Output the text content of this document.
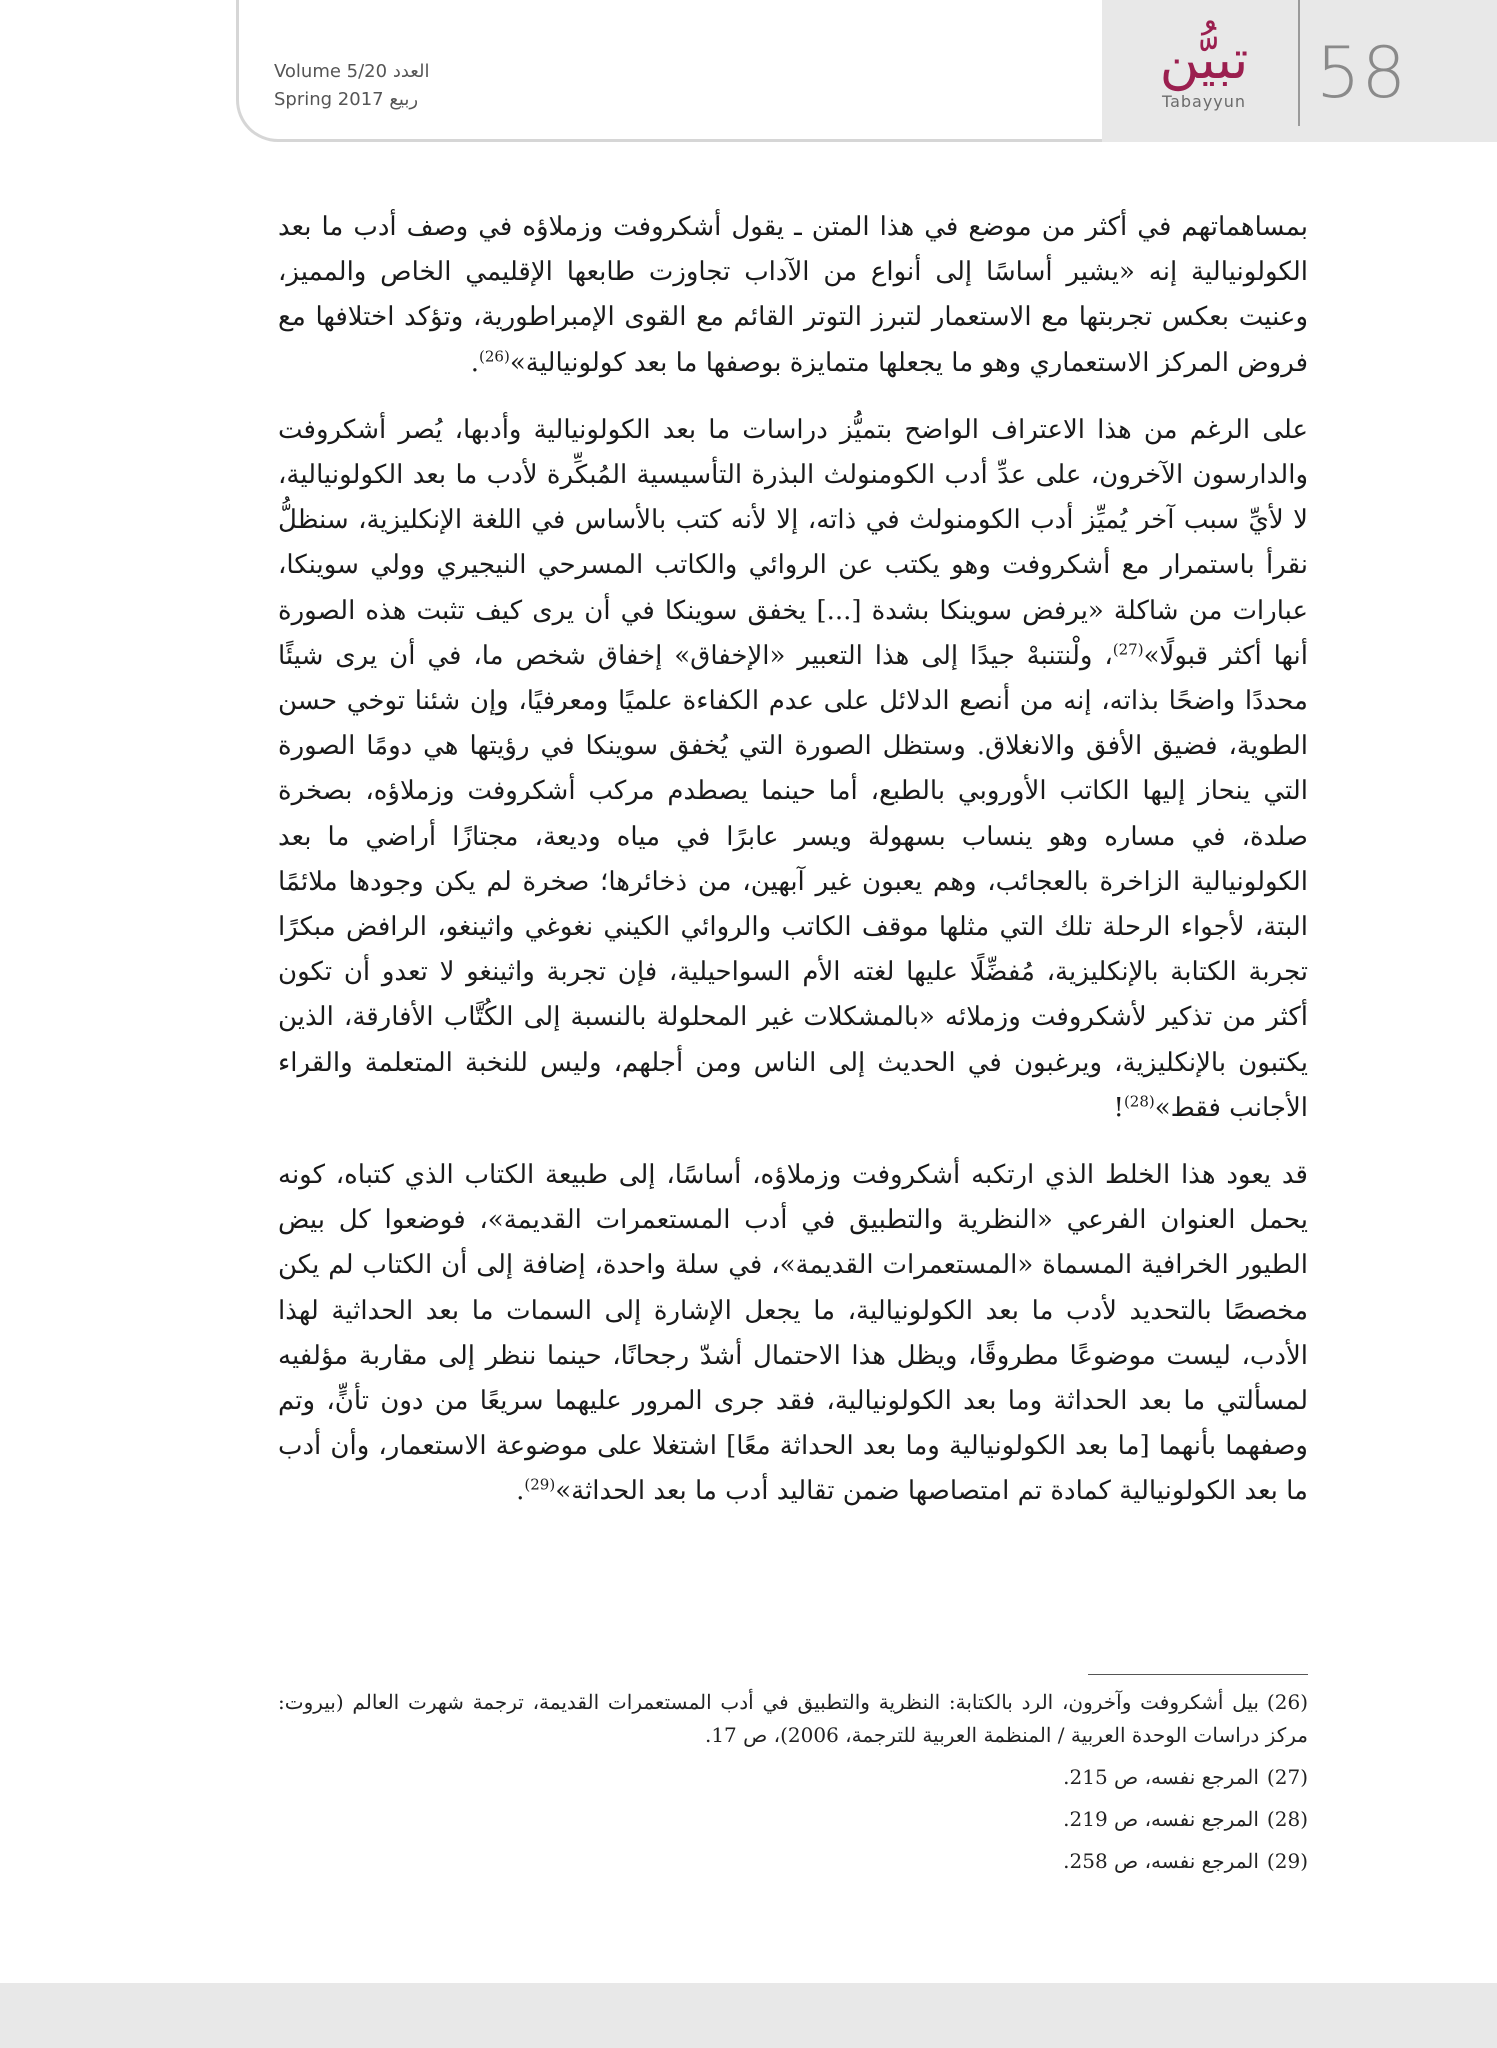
58
تبيُّن
Tabayyun
Volume 5/20 العدد
Spring 2017 ربيع

بمساهماتهم في أكثر من موضع في هذا المتن ـ يقول أشكروفت وزملاؤه في وصف أدب ما بعد الكولونيالية إنه «يشير أساسًا إلى أنواع من الآداب تجاوزت طابعها الإقليمي الخاص والمميز، وعنيت بعكس تجربتها مع الاستعمار لتبرز التوتر القائم مع القوى الإمبراطورية، وتؤكد اختلافها مع فروض المركز الاستعماري وهو ما يجعلها متمايزة بوصفها ما بعد كولونيالية»$^{(26)}$.

على الرغم من هذا الاعتراف الواضح بتميُّز دراسات ما بعد الكولونيالية وأدبها، يُصر أشكروفت والدارسون الآخرون، على عدِّ أدب الكومنولث البذرة التأسيسية المُبكِّرة لأدب ما بعد الكولونيالية، لا لأيِّ سبب آخر يُميِّز أدب الكومنولث في ذاته، إلا لأنه كتب بالأساس في اللغة الإنكليزية، سنظلُّ نقرأ باستمرار مع أشكروفت وهو يكتب عن الروائي والكاتب المسرحي النيجيري وولي سوينكا، عبارات من شاكلة «يرفض سوينكا بشدة [...] يخفق سوينكا في أن يرى كيف تثبت هذه الصورة أنها أكثر قبولًا»$^{(27)}$، ولْنتنبهْ جيدًا إلى هذا التعبير «الإخفاق» إخفاق شخص ما، في أن يرى شيئًا محددًا واضحًا بذاته، إنه من أنصع الدلائل على عدم الكفاءة علميًا ومعرفيًا، وإن شئنا توخي حسن الطوية، فضيق الأفق والانغلاق. وستظل الصورة التي يُخفق سوينكا في رؤيتها هي دومًا الصورة التي ينحاز إليها الكاتب الأوروبي بالطبع، أما حينما يصطدم مركب أشكروفت وزملاؤه، بصخرة صلدة، في مساره وهو ينساب بسهولة ويسر عابرًا في مياه وديعة، مجتازًا أراضي ما بعد الكولونيالية الزاخرة بالعجائب، وهم يعبون غير آبهين، من ذخائرها؛ صخرة لم يكن وجودها ملائمًا البتة، لأجواء الرحلة تلك التي مثلها موقف الكاتب والروائي الكيني نغوغي واثينغو، الرافض مبكرًا تجربة الكتابة بالإنكليزية، مُفضِّلًا عليها لغته الأم السواحيلية، فإن تجربة واثينغو لا تعدو أن تكون أكثر من تذكير لأشكروفت وزملائه «بالمشكلات غير المحلولة بالنسبة إلى الكُتَّاب الأفارقة، الذين يكتبون بالإنكليزية، ويرغبون في الحديث إلى الناس ومن أجلهم، وليس للنخبة المتعلمة والقراء الأجانب فقط»$^{(28)}$!

قد يعود هذا الخلط الذي ارتكبه أشكروفت وزملاؤه، أساسًا، إلى طبيعة الكتاب الذي كتباه، كونه يحمل العنوان الفرعي «النظرية والتطبيق في أدب المستعمرات القديمة»، فوضعوا كل بيض الطيور الخرافية المسماة «المستعمرات القديمة»، في سلة واحدة، إضافة إلى أن الكتاب لم يكن مخصصًا بالتحديد لأدب ما بعد الكولونيالية، ما يجعل الإشارة إلى السمات ما بعد الحداثية لهذا الأدب، ليست موضوعًا مطروقًا، ويظل هذا الاحتمال أشدّ رجحانًا، حينما ننظر إلى مقاربة مؤلفيه لمسألتي ما بعد الحداثة وما بعد الكولونيالية، فقد جرى المرور عليهما سريعًا من دون تأنٍّ، وتم وصفهما بأنهما [ما بعد الكولونيالية وما بعد الحداثة معًا] اشتغلا على موضوعة الاستعمار، وأن أدب ما بعد الكولونيالية كمادة تم امتصاصها ضمن تقاليد أدب ما بعد الحداثة»$^{(29)}$.

(26)بيل أشكروفت وآخرون، الرد بالكتابة: النظرية والتطبيق في أدب المستعمرات القديمة، ترجمة شهرت العالم (بيروت: مركز دراسات الوحدة العربية / المنظمة العربية للترجمة، 2006)، ص 17.
(27)المرجع نفسه، ص 215.
(28)المرجع نفسه، ص 219.
(29)المرجع نفسه، ص 258.
